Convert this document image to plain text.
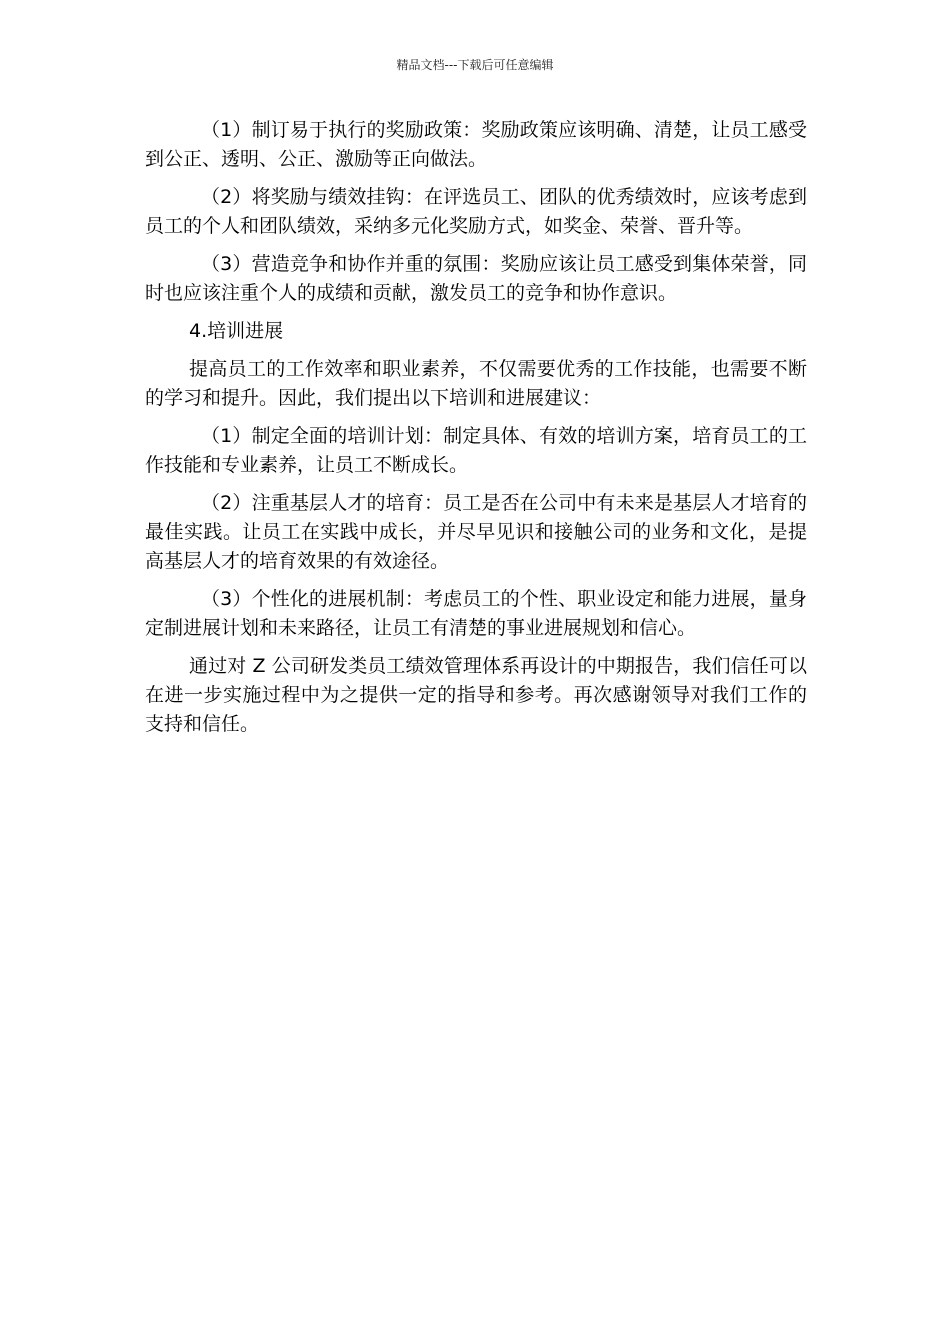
精品文档---下载后可任意编辑

（1）制订易于执行的奖励政策：奖励政策应该明确、清楚，让员工感受到公正、透明、公正、激励等正向做法。

（2）将奖励与绩效挂钩：在评选员工、团队的优秀绩效时，应该考虑到员工的个人和团队绩效，采纳多元化奖励方式，如奖金、荣誉、晋升等。

（3）营造竞争和协作并重的氛围：奖励应该让员工感受到集体荣誉，同时也应该注重个人的成绩和贡献，激发员工的竞争和协作意识。

4.培训进展

提高员工的工作效率和职业素养，不仅需要优秀的工作技能，也需要不断的学习和提升。因此，我们提出以下培训和进展建议：

（1）制定全面的培训计划：制定具体、有效的培训方案，培育员工的工作技能和专业素养，让员工不断成长。

（2）注重基层人才的培育：员工是否在公司中有未来是基层人才培育的最佳实践。让员工在实践中成长，并尽早见识和接触公司的业务和文化，是提高基层人才的培育效果的有效途径。

（3）个性化的进展机制：考虑员工的个性、职业设定和能力进展，量身定制进展计划和未来路径，让员工有清楚的事业进展规划和信心。

通过对 Z 公司研发类员工绩效管理体系再设计的中期报告，我们信任可以在进一步实施过程中为之提供一定的指导和参考。再次感谢领导对我们工作的支持和信任。
